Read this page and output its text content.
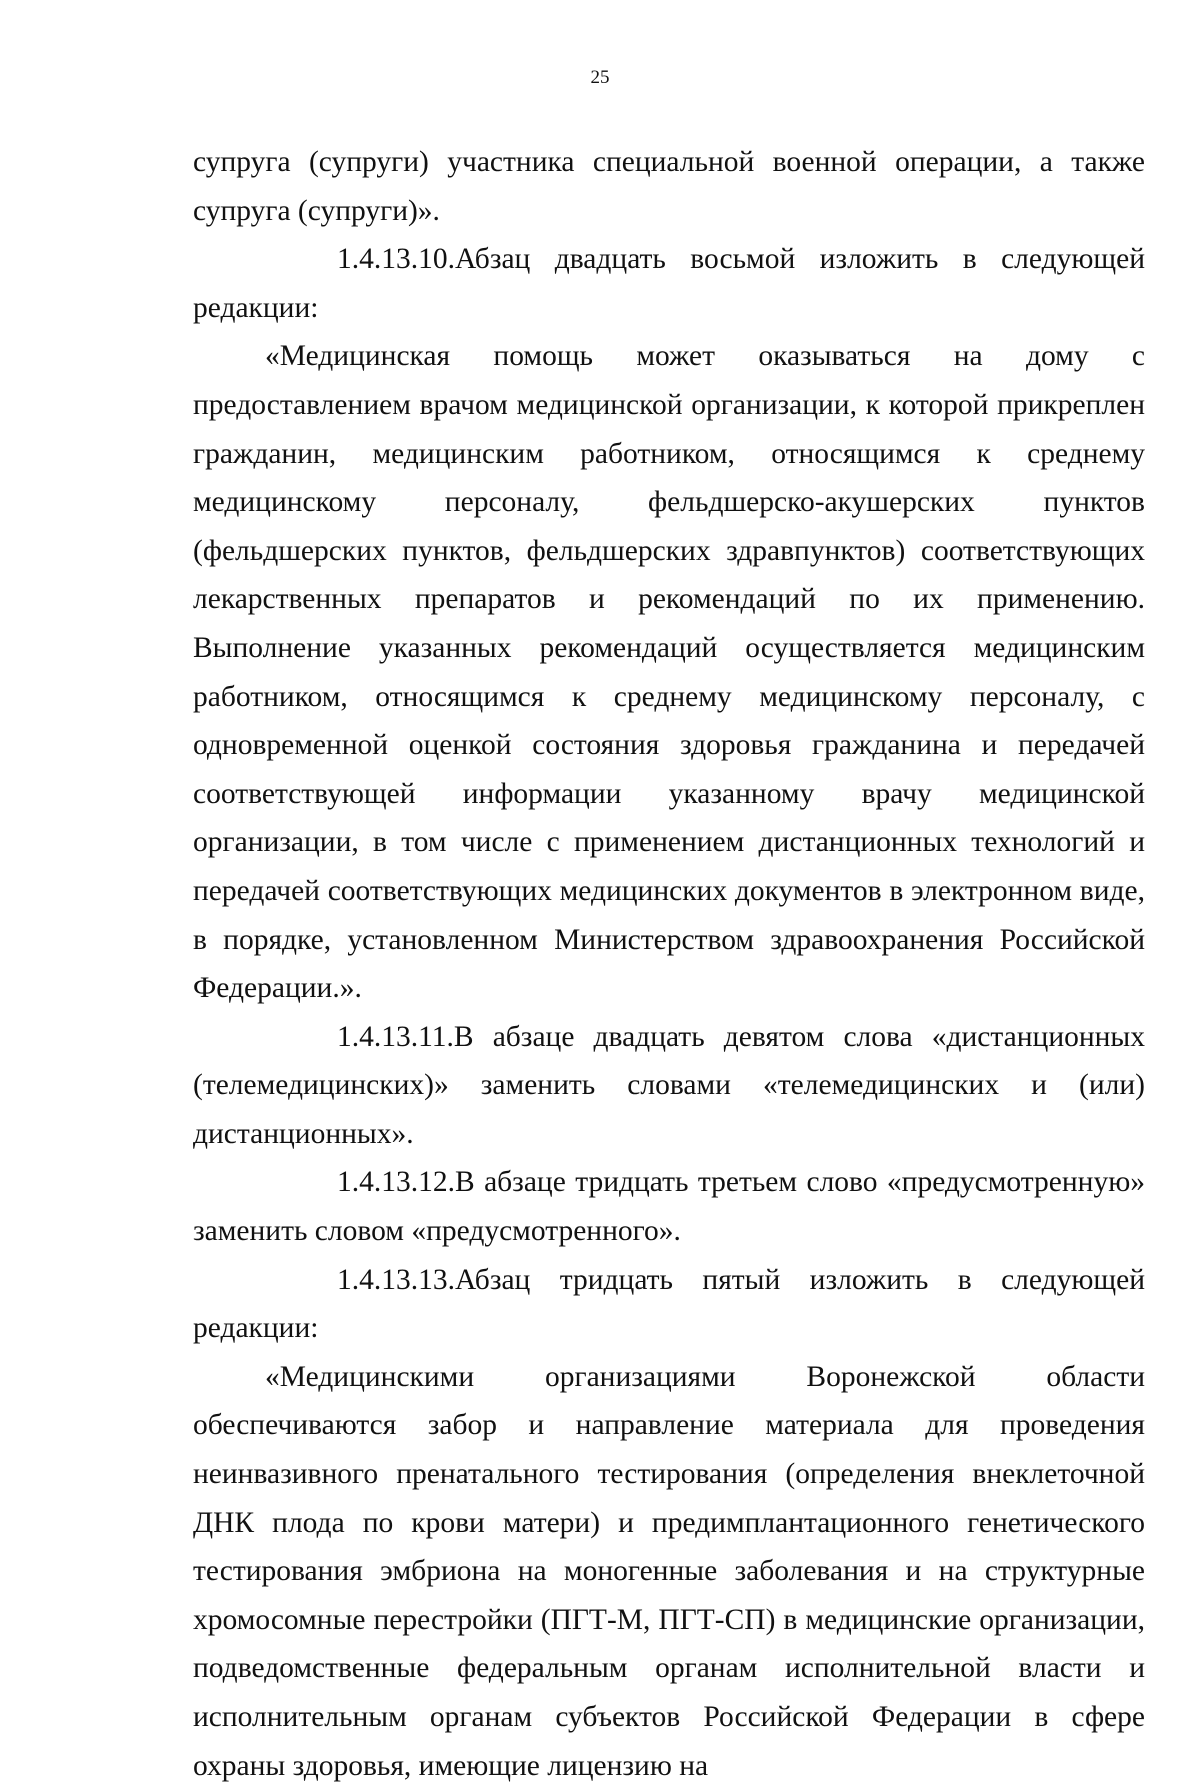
25

супруга (супруги) участника специальной военной операции, а также супруга (супруги)».

1.4.13.10.Абзац двадцать восьмой изложить в следующей редакции:

«Медицинская помощь может оказываться на дому с предоставлением врачом медицинской организации, к которой прикреплен гражданин, медицинским работником, относящимся к среднему медицинскому персоналу, фельдшерско-акушерских пунктов (фельдшерских пунктов, фельдшерских здравпунктов) соответствующих лекарственных препаратов и рекомендаций по их применению. Выполнение указанных рекомендаций осуществляется медицинским работником, относящимся к среднему медицинскому персоналу, с одновременной оценкой состояния здоровья гражданина и передачей соответствующей информации указанному врачу медицинской организации, в том числе с применением дистанционных технологий и передачей соответствующих медицинских документов в электронном виде, в порядке, установленном Министерством здравоохранения Российской Федерации.».

1.4.13.11.В абзаце двадцать девятом слова «дистанционных (телемедицинских)» заменить словами «телемедицинских и (или) дистанционных».

1.4.13.12.В абзаце тридцать третьем слово «предусмотренную» заменить словом «предусмотренного».

1.4.13.13.Абзац тридцать пятый изложить в следующей редакции:

«Медицинскими организациями Воронежской области обеспечиваются забор и направление материала для проведения неинвазивного пренатального тестирования (определения внеклеточной ДНК плода по крови матери) и предимплантационного генетического тестирования эмбриона на моногенные заболевания и на структурные хромосомные перестройки (ПГТ-М, ПГТ-СП) в медицинские организации, подведомственные федеральным органам исполнительной власти и исполнительным органам субъектов Российской Федерации в сфере охраны здоровья, имеющие лицензию на
